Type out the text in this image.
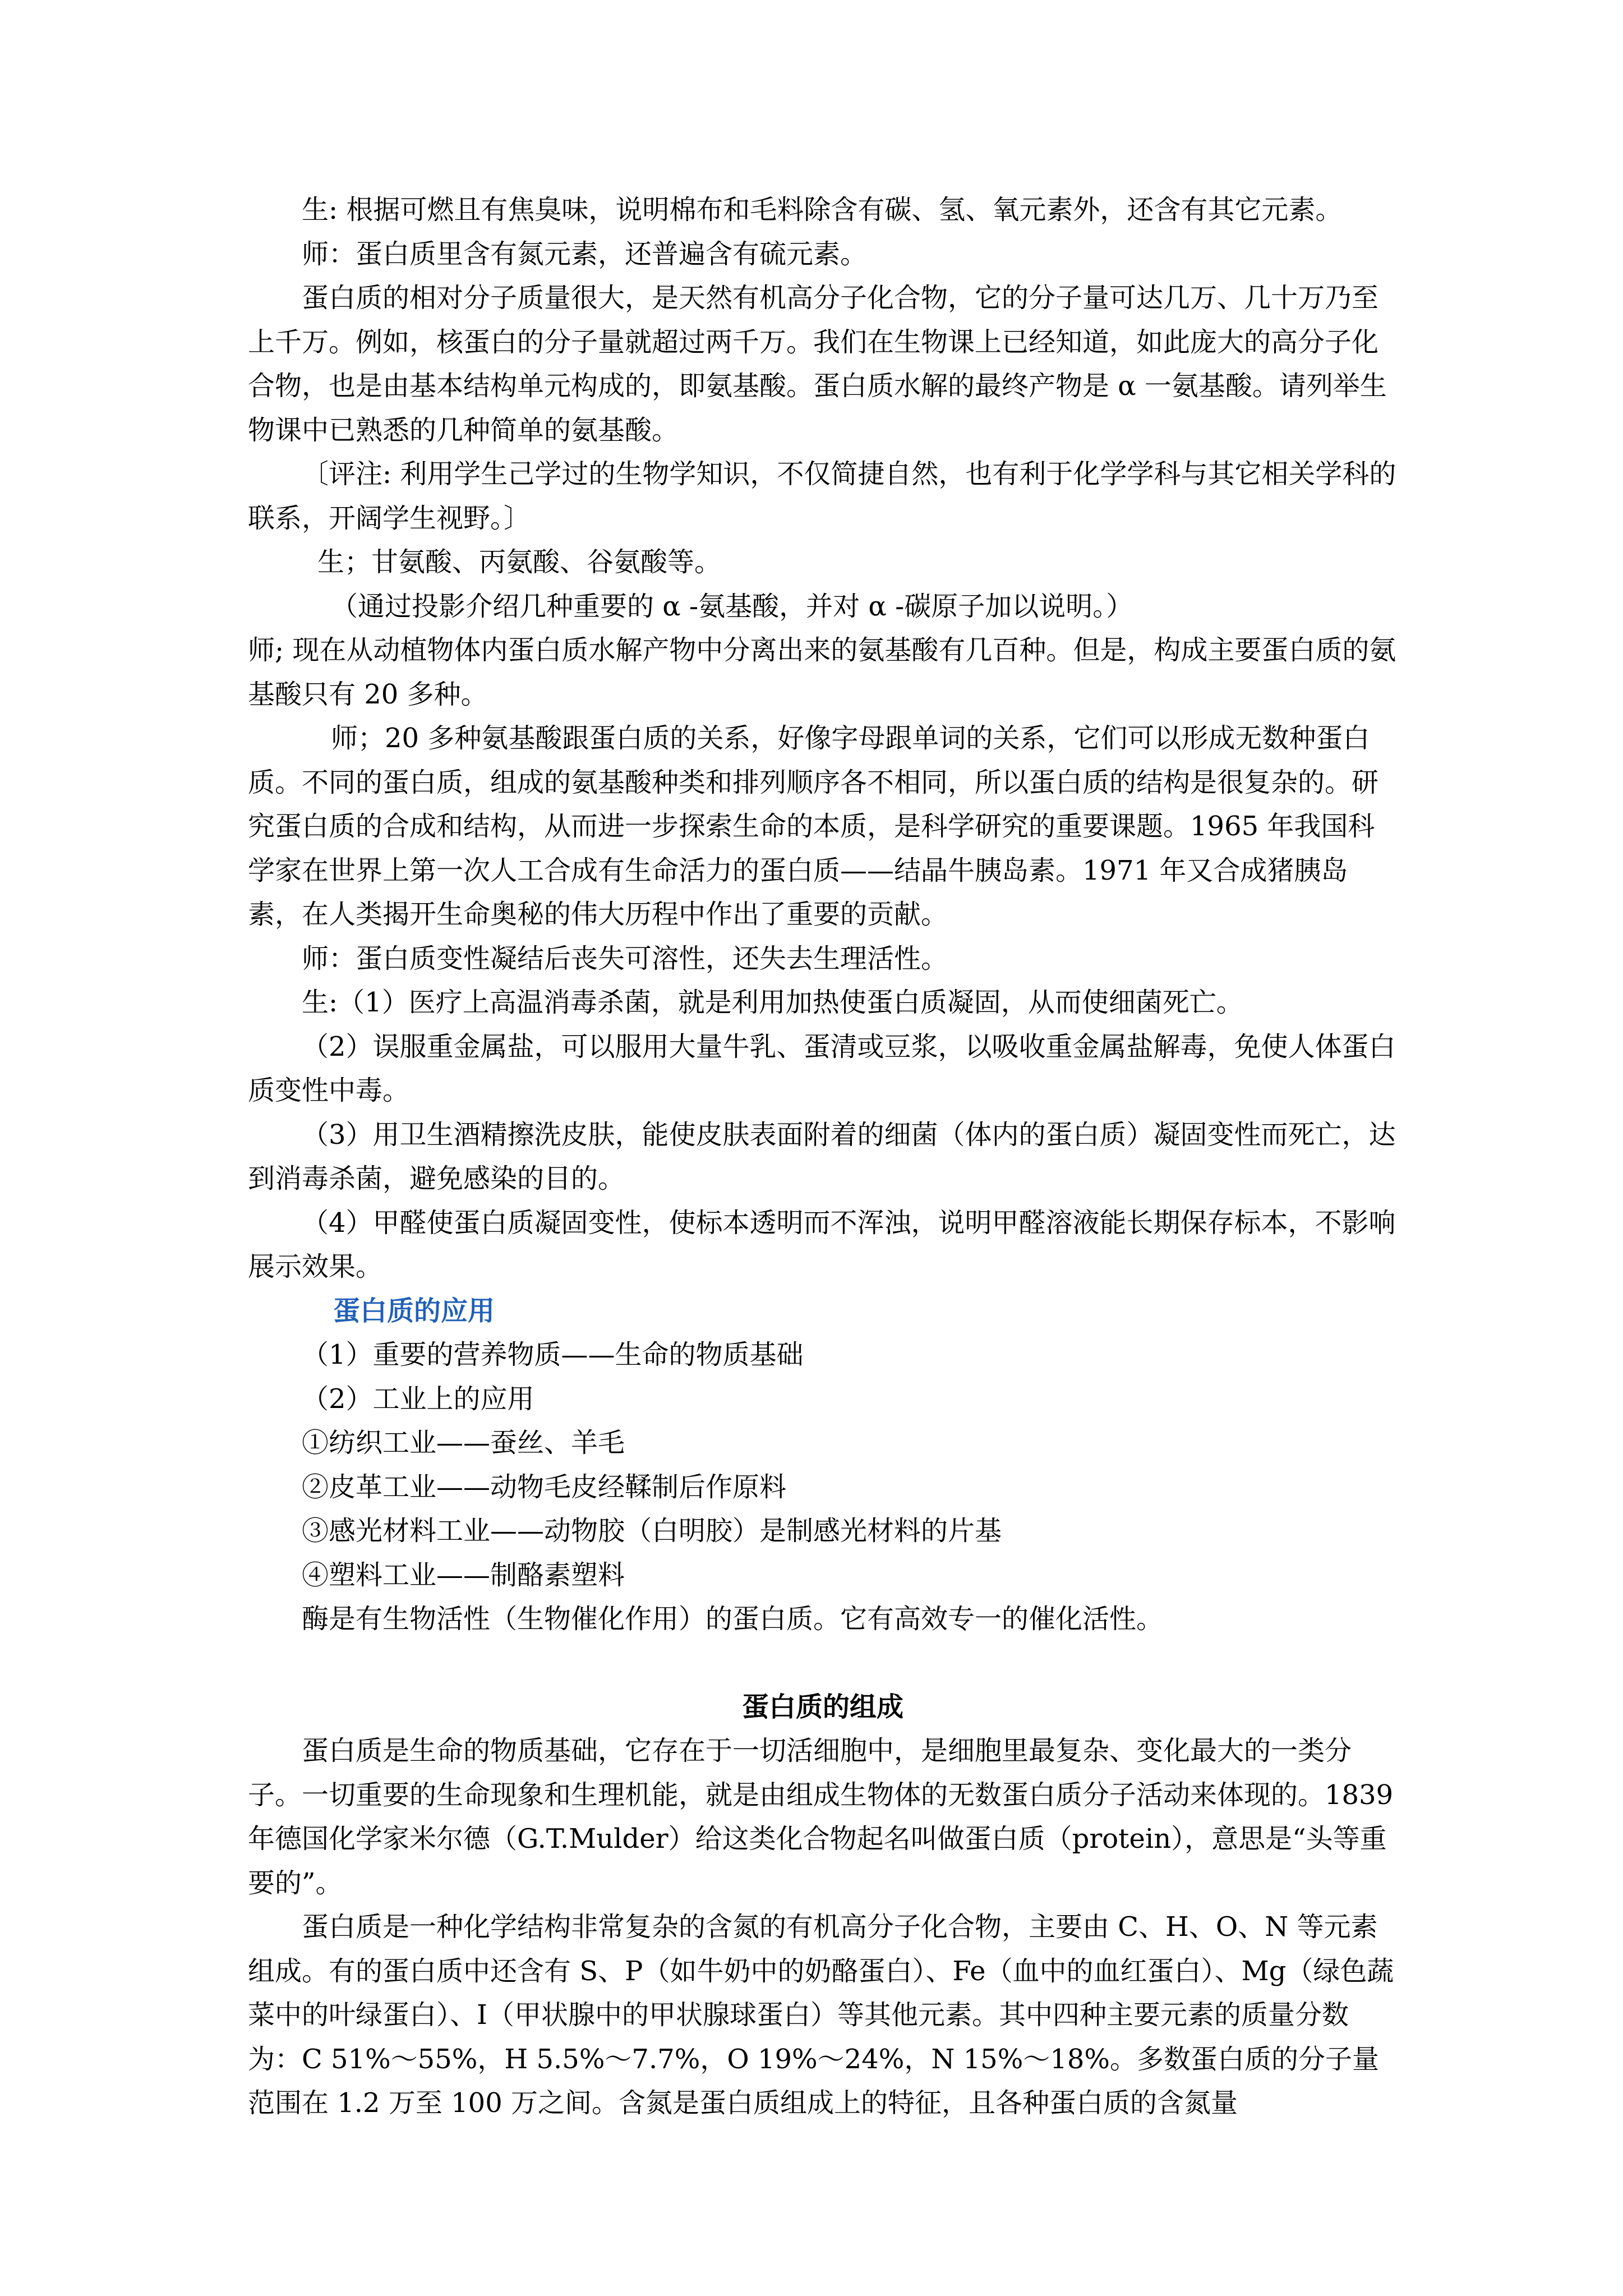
生: 根据可燃且有焦臭味，说明棉布和毛料除含有碳、氢、氧元素外，还含有其它元素。

师：蛋白质里含有氮元素，还普遍含有硫元素。

蛋白质的相对分子质量很大，是天然有机高分子化合物，它的分子量可达几万、几十万乃至上千万。例如，核蛋白的分子量就超过两千万。我们在生物课上已经知道，如此庞大的高分子化合物，也是由基本结构单元构成的，即氨基酸。蛋白质水解的最终产物是 α 一氨基酸。请列举生物课中已熟悉的几种简单的氨基酸。

〔评注: 利用学生己学过的生物学知识，不仅简捷自然，也有利于化学学科与其它相关学科的联系，开阔学生视野。〕

生；甘氨酸、丙氨酸、谷氨酸等。

（通过投影介绍几种重要的 α -氨基酸，并对 α -碳原子加以说明。）

师; 现在从动植物体内蛋白质水解产物中分离出来的氨基酸有几百种。但是，构成主要蛋白质的氨基酸只有 20 多种。

师；20 多种氨基酸跟蛋白质的关系，好像字母跟单词的关系，它们可以形成无数种蛋白质。不同的蛋白质，组成的氨基酸种类和排列顺序各不相同，所以蛋白质的结构是很复杂的。研究蛋白质的合成和结构，从而进一步探索生命的本质，是科学研究的重要课题。1965 年我国科学家在世界上第一次人工合成有生命活力的蛋白质——结晶牛胰岛素。1971 年又合成猪胰岛素，在人类揭开生命奥秘的伟大历程中作出了重要的贡献。

师：蛋白质变性凝结后丧失可溶性，还失去生理活性。

生:（1）医疗上高温消毒杀菌，就是利用加热使蛋白质凝固，从而使细菌死亡。

（2）误服重金属盐，可以服用大量牛乳、蛋清或豆浆，以吸收重金属盐解毒，免使人体蛋白质变性中毒。

（3）用卫生酒精擦洗皮肤，能使皮肤表面附着的细菌（体内的蛋白质）凝固变性而死亡，达到消毒杀菌，避免感染的目的。

（4）甲醛使蛋白质凝固变性，使标本透明而不浑浊，说明甲醛溶液能长期保存标本，不影响展示效果。

蛋白质的应用

（1）重要的营养物质——生命的物质基础

（2）工业上的应用

①纺织工业——蚕丝、羊毛

②皮革工业——动物毛皮经鞣制后作原料

③感光材料工业——动物胶（白明胶）是制感光材料的片基

④塑料工业——制酪素塑料

酶是有生物活性（生物催化作用）的蛋白质。它有高效专一的催化活性。

蛋白质的组成

蛋白质是生命的物质基础，它存在于一切活细胞中，是细胞里最复杂、变化最大的一类分子。一切重要的生命现象和生理机能，就是由组成生物体的无数蛋白质分子活动来体现的。1839 年德国化学家米尔德（G.T.Mulder）给这类化合物起名叫做蛋白质（protein），意思是“头等重要的”。

蛋白质是一种化学结构非常复杂的含氮的有机高分子化合物，主要由 C、H、O、N 等元素组成。有的蛋白质中还含有 S、P（如牛奶中的奶酪蛋白）、Fe（血中的血红蛋白）、Mg（绿色蔬菜中的叶绿蛋白）、I（甲状腺中的甲状腺球蛋白）等其他元素。其中四种主要元素的质量分数为：C 51%～55%，H 5.5%～7.7%，O 19%～24%，N 15%～18%。多数蛋白质的分子量范围在 1.2 万至 100 万之间。含氮是蛋白质组成上的特征，且各种蛋白质的含氮量
